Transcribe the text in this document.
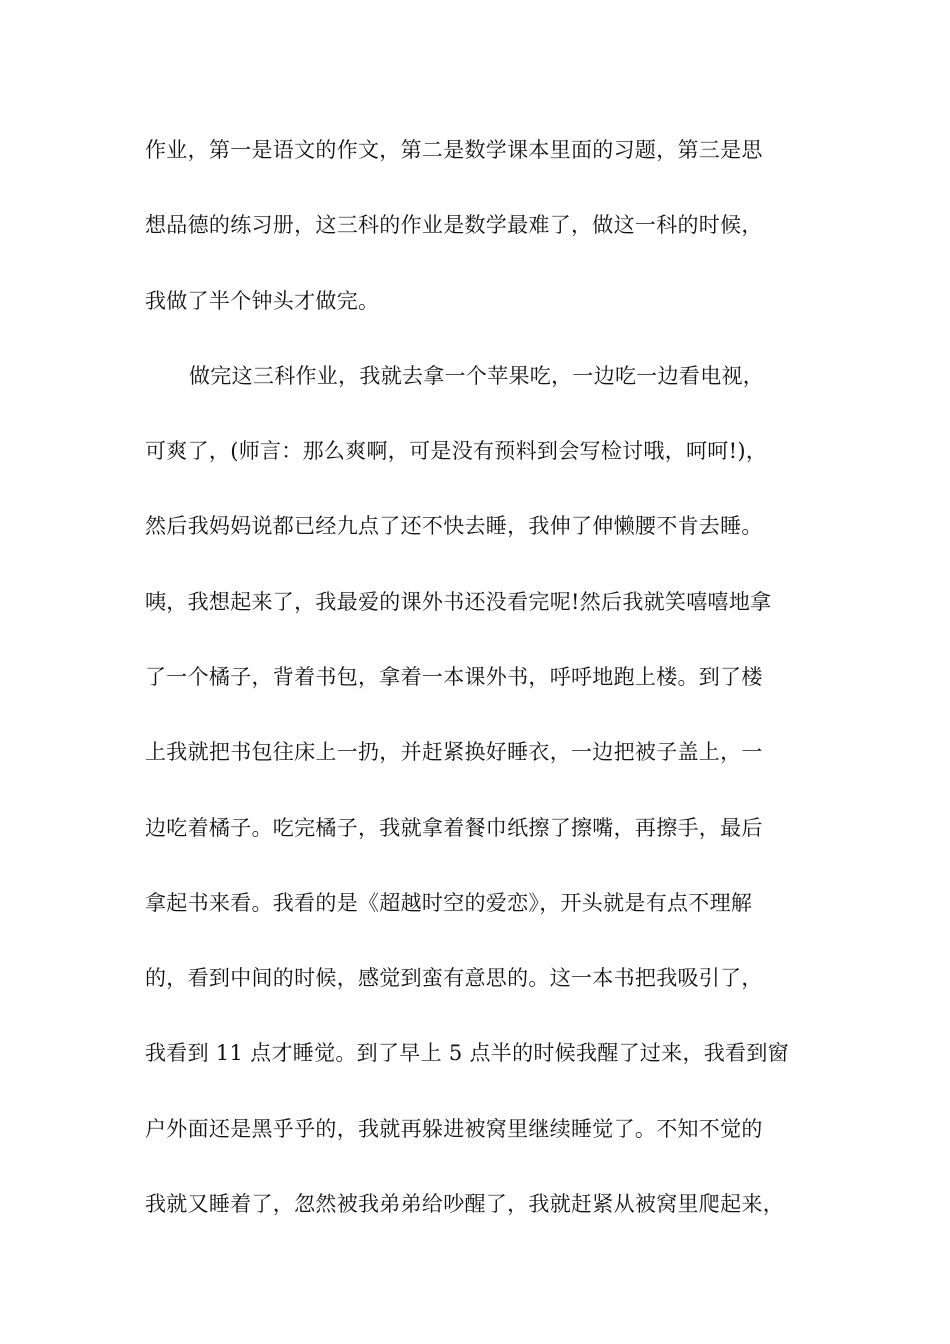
作业，第一是语文的作文，第二是数学课本里面的习题，第三是思
想品德的练习册，这三科的作业是数学最难了，做这一科的时候，
我做了半个钟头才做完。
做完这三科作业，我就去拿一个苹果吃，一边吃一边看电视，
可爽了，(师言：那么爽啊，可是没有预料到会写检讨哦，呵呵!)，
然后我妈妈说都已经九点了还不快去睡，我伸了伸懒腰不肯去睡。
咦，我想起来了，我最爱的课外书还没看完呢!然后我就笑嘻嘻地拿
了一个橘子，背着书包，拿着一本课外书，呼呼地跑上楼。到了楼
上我就把书包往床上一扔，并赶紧换好睡衣，一边把被子盖上，一
边吃着橘子。吃完橘子，我就拿着餐巾纸擦了擦嘴，再擦手，最后
拿起书来看。我看的是《超越时空的爱恋》，开头就是有点不理解
的，看到中间的时候，感觉到蛮有意思的。这一本书把我吸引了，
我看到 11 点才睡觉。到了早上 5 点半的时候我醒了过来，我看到窗
户外面还是黑乎乎的，我就再躲进被窝里继续睡觉了。不知不觉的
我就又睡着了，忽然被我弟弟给吵醒了，我就赶紧从被窝里爬起来，
